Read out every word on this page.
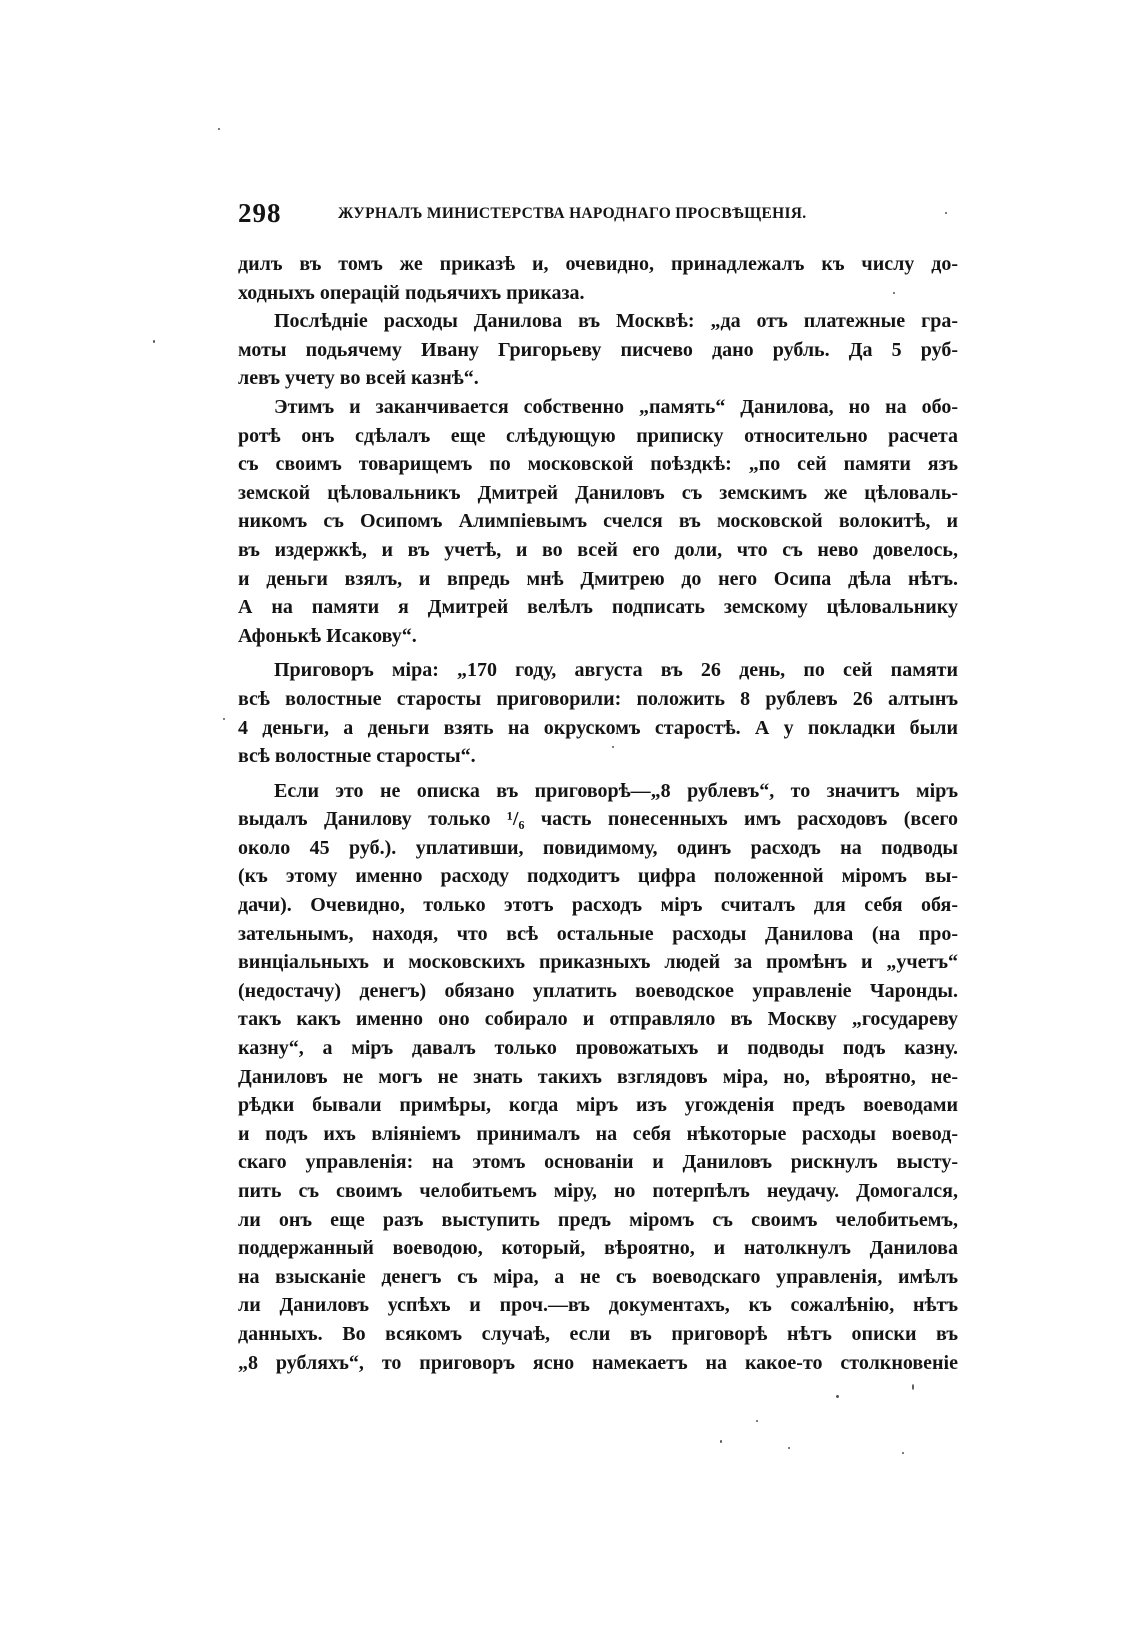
298	ЖУРНАЛЪ МИНИСТЕРСТВА НАРОДНАГО ПРОСВѢЩЕНІЯ.
дилъ въ томъ же приказѣ и, очевидно, принадлежалъ къ числу до-
ходныхъ операцій подьячихъ приказа.
Послѣдніе расходы Данилова въ Москвѣ: „да отъ платежные гра-
моты подьячему Ивану Григорьеву писчево дано рубль. Да 5 руб-
левъ учету во всей казнѣ“.
Этимъ и заканчивается собственно „память“ Данилова, но на обо-
ротѣ онъ сдѣлалъ еще слѣдующую приписку относительно расчета
съ своимъ товарищемъ по московской поѣздкѣ: „по сей памяти язъ
земской цѣловальникъ Дмитрей Даниловъ съ земскимъ же цѣловаль-
никомъ съ Осипомъ Алимпіевымъ счелся въ московской волокитѣ, и
въ издержкѣ, и въ учетѣ, и во всей его доли, что съ нево довелось,
и деньги взялъ, и впредь мнѣ Дмитрею до него Осипа дѣла нѣтъ.
А на памяти я Дмитрей велѣлъ подписать земскому цѣловальнику
Афонькѣ Исакову“.
Приговоръ міра: „170 году, августа въ 26 день, по сей памяти
всѣ волостные старосты приговорили: положить 8 рублевъ 26 алтынъ
4 деньги, а деньги взять на окрускомъ старостѣ. А у покладки были
всѣ волостные старосты“.
Если это не описка въ приговорѣ—„8 рублевъ“, то значитъ міръ
выдалъ Данилову только ¹/₆ часть понесенныхъ имъ расходовъ (всего
около 45 руб.). уплативши, повидимому, одинъ расходъ на подводы
(къ этому именно расходу подходитъ цифра положенной міромъ вы-
дачи). Очевидно, только этотъ расходъ міръ считалъ для себя обя-
зательнымъ, находя, что всѣ остальные расходы Данилова (на про-
винціальныхъ и московскихъ приказныхъ людей за промѣнъ и „учетъ“
(недостачу) денегъ) обязано уплатить воеводское управленіе Чаронды.
такъ какъ именно оно собирало и отправляло въ Москву „государеву
казну“, а міръ давалъ только провожатыхъ и подводы подъ казну.
Даниловъ не могъ не знать такихъ взглядовъ міра, но, вѣроятно, не-
рѣдки бывали примѣры, когда міръ изъ угожденія предъ воеводами
и подъ ихъ вліяніемъ принималъ на себя нѣкоторые расходы воевод-
скаго управленія: на этомъ основаніи и Даниловъ рискнулъ высту-
пить съ своимъ челобитьемъ міру, но потерпѣлъ неудачу. Домогался,
ли онъ еще разъ выступить предъ міромъ съ своимъ челобитьемъ,
поддержанный воеводою, который, вѣроятно, и натолкнулъ Данилова
на взысканіе денегъ съ міра, а не съ воеводскаго управленія, имѣлъ
ли Даниловъ успѣхъ и проч.—въ документахъ, къ сожалѣнію, нѣтъ
данныхъ. Во всякомъ случаѣ, если въ приговорѣ нѣтъ описки въ
„8 рубляхъ“, то приговоръ ясно намекаетъ на какое-то столкновеніе
